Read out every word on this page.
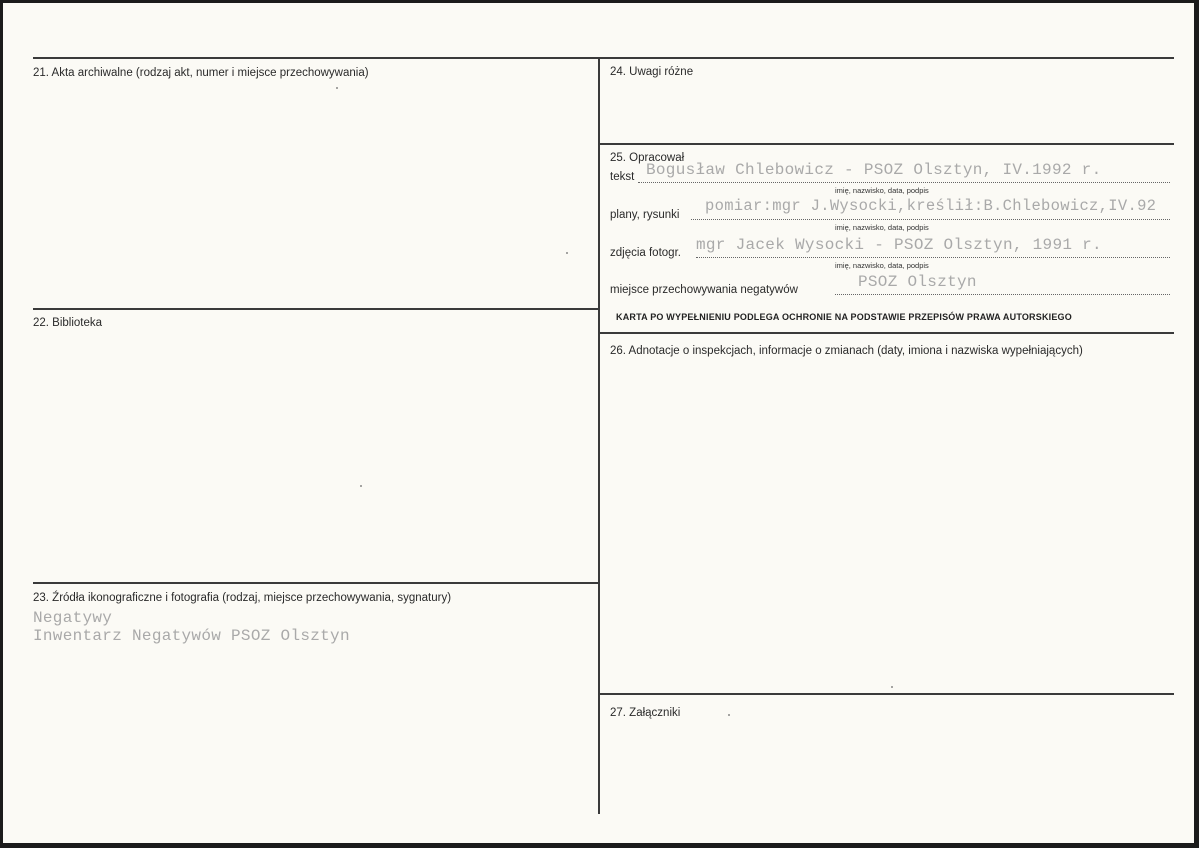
21. Akta archiwalne (rodzaj akt, numer i miejsce przechowywania)
22. Biblioteka
23. Źródła ikonograficzne i fotografia (rodzaj, miejsce przechowywania, sygnatury)
Negatywy
Inwentarz Negatywów PSOZ Olsztyn
24. Uwagi różne
25. Opracował
tekst Bogusław Chlebowicz - PSOZ Olsztyn, IV.1992 r.
imię, nazwisko, data, podpis
plany, rysunki pomiar:mgr J.Wysocki,kreślił:B.Chlebowicz,IV.92
imię, nazwisko, data, podpis
zdjęcia fotogr. mgr Jacek Wysocki - PSOZ Olsztyn, 1991 r.
imię, nazwisko, data, podpis
miejsce przechowywania negatywów	PSOZ Olsztyn
KARTA PO WYPEŁNIENIU PODLEGA OCHRONIE NA PODSTAWIE PRZEPISÓW PRAWA AUTORSKIEGO
26. Adnotacje o inspekcjach, informacje o zmianach (daty, imiona i nazwiska wypełniających)
27. Załączniki
